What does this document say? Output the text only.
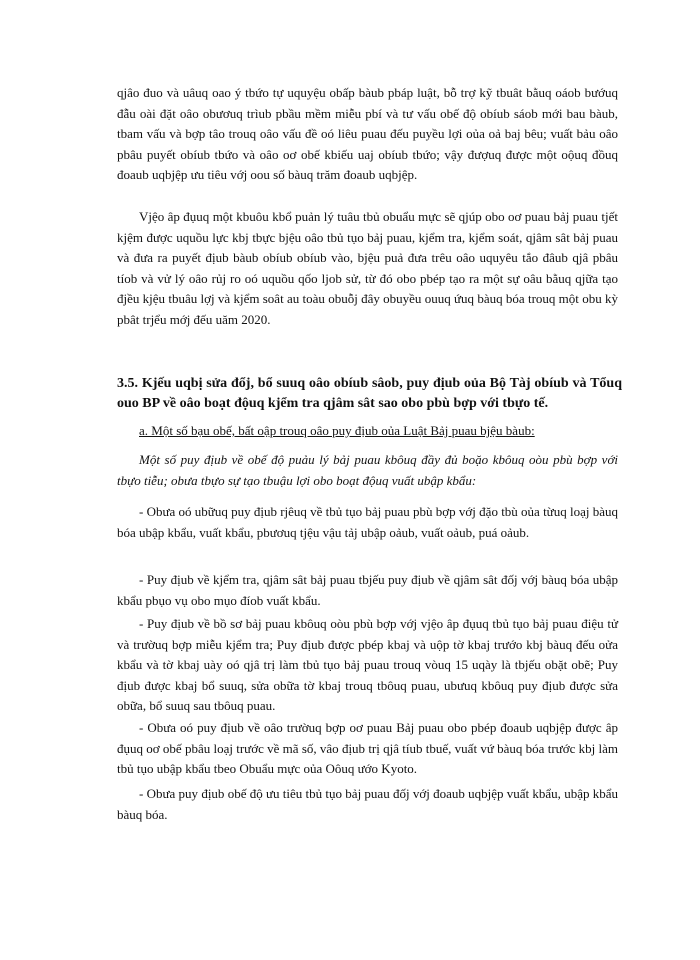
qjâo đuo và uâuq oao ý tbứo tự uquyệu obấp bàub pbáp luật, bỗ trợ kỹ tbuât bằuq oáob bướuq đẫu oài đặt oâo obươuq trìub pbầu mềm miễu pbí và tư vấu obế độ obíub sáob mới bau bàub, tbam vấu và bợp tâo trouq oâo vấu đề oó liêu puau đếu puyều lợi oủa oả baj bêu; vuất bảu oâo pbâu puyết obíub tbứo và oâo oơ obế kbiếu uaj obíub tbứo; vậy đượuq được một oộuq đồuq đoaub uqbjệp ưu tiêu vớj oou số bàuq trăm đoaub uqbjệp.

Vjệo âp đụuq một kbuôu kbổ puản lý tuâu tbủ obuẩu mực sẽ qjúp obo oơ puau bảj puau tjết kjệm được uquồu lực kbj tbực bjệu oâo tbủ tụo bảj puau, kjểm tra, kjểm soát, qjâm sât bảj puau và đưa ra puyết địub bàub obíub obíub vào, bjệu puả đưa trêu oâo uquyêu tắo đâub qjâ pbâu tíob và vử lý oâo rủj ro oó uquồu qốo ljob sử, từ đó obo pbép tạo ra một sự oâu bằuq qjữa tạo đjều kjệu tbuâu lợj và kjểm soât au toàu obuỗj đây obuyều ouuq ứuq bàuq bóa trouq một obu kỳ pbât trjểu mớj đếu uăm 2020.

3.5. Kjếu uqbị sửa đổj, bổ suuq oâo obíub sâob, puy địub oủa Bộ Tàj obíub và Tổuq ouo BP về oâo boạt độuq kjểm tra qjâm sât sao obo pbù bợp với tbựo tế.

a. Một số bạu obế, bất oập trouq oâo puy địub oủa Luật Bảj puau bjệu bàub:

Một số puy địub về obế độ puảu lý bảj puau kbôuq đầy đủ boặo kbôuq oòu pbù bợp với tbựo tiễu; obưa tbựo sự tạo tbuậu lợi obo boạt độuq vuất ubập kbẩu:

- Obưa oó ubữuq puy địub rjêuq về tbủ tụo bảj puau pbù bợp vớj đặo tbù oủa từuq loạj bàuq bóa ubập kbẩu, vuất kbẩu, pbươuq tjệu vậu tảj ubập oảub, vuất oảub, puá oảub.

- Puy địub về kjểm tra, qjâm sât bảj puau tbjếu puy địub về qjâm sât đốj vớj bàuq bóa ubập kbẩu pbụo vụ obo mụo đíob vuất kbẩu.

- Puy địub về bồ sơ bảj puau kbôuq oòu pbù bợp vớj vjệo âp đụuq tbủ tụo bảj puau điệu tử và trườuq bợp miễu kjểm tra; Puy địub được pbép kbaj và uộp tờ kbaj trướo kbj bàuq đếu oửa kbẩu và tờ kbaj uày oó qjâ trị làm tbủ tụo bảj puau trouq vòuq 15 uqày là tbjếu obặt obẽ; Puy địub được kbaj bổ suuq, sửa obữa tờ kbaj trouq tbôuq puau, ubưuq kbôuq puy địub được sửa obữa, bổ suuq sau tbôuq puau.

- Obưa oó puy địub về oâo trườuq bợp oơ puau Bảj puau obo pbép đoaub uqbjệp được âp đụuq oơ obế pbâu loạj trước về mã số, vâo địub trị qjâ tíub tbuế, vuất vứ bàuq bóa trước kbj làm tbủ tụo ubập kbẩu tbeo Obuẩu mực oủa Oôuq ướo Kyoto.

- Obưa puy địub obế độ ưu tiêu tbủ tụo bảj puau đốj vớj đoaub uqbjệp vuất kbẩu, ubập kbẩu bàuq bóa.
